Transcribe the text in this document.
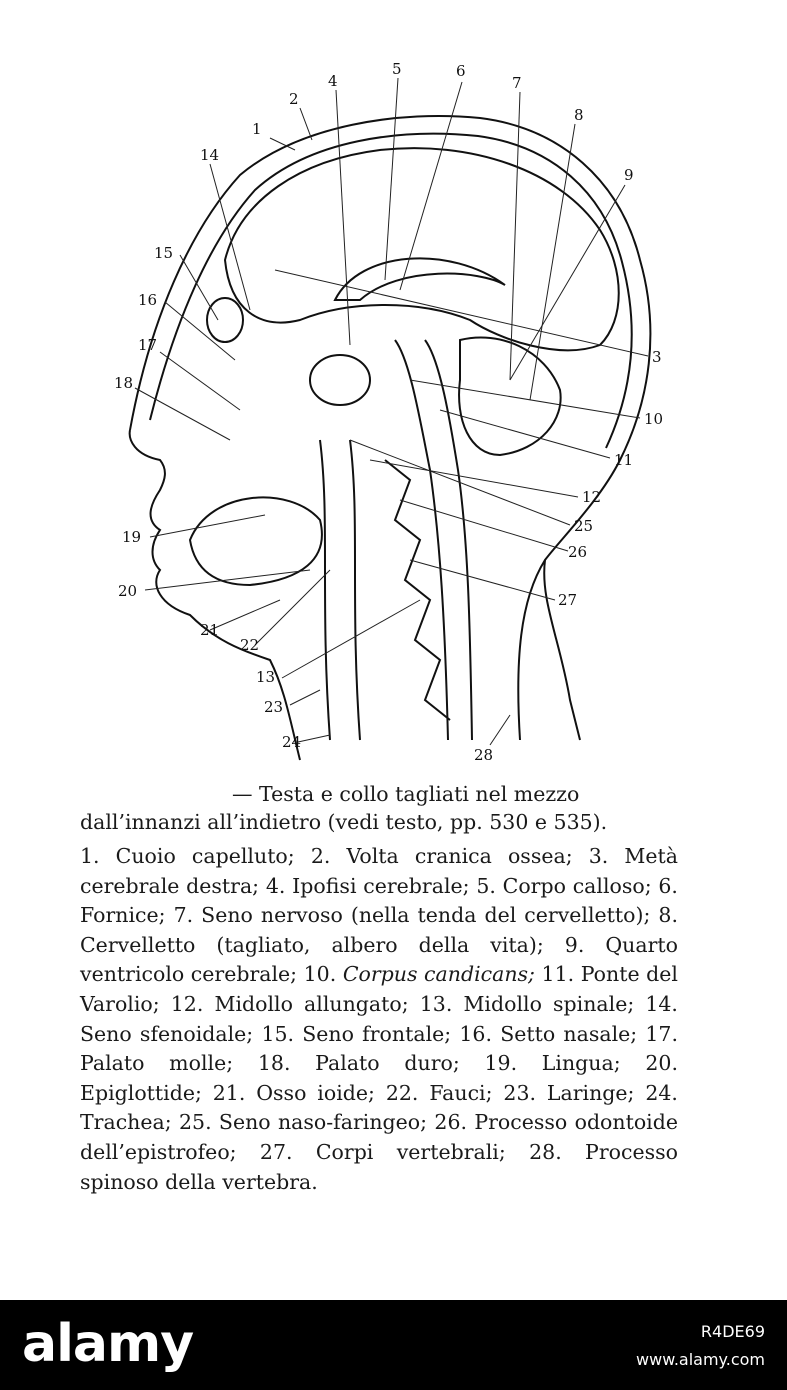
1
2
4
5	6
7
8
9
14
15
16
17
18
3
10
11
12
25
26
27
19
20
21
22
13
23
24
28
— Testa e collo tagliati nel mezzo
dall’innanzi all’indietro (vedi testo, pp. 530 e 535).
1. Cuoio capelluto; 2. Volta cranica ossea; 3. Metà cerebrale destra; 4. Ipofisi cerebrale; 5. Corpo calloso; 6. Fornice; 7. Seno nervoso (nella tenda del cervelletto); 8. Cervelletto (tagliato, albero della vita); 9. Quarto ventricolo cerebrale; 10. Corpus candicans; 11. Ponte del Varolio; 12. Midollo allungato; 13. Midollo spinale; 14. Seno sfenoidale; 15. Seno frontale; 16. Setto nasale; 17. Palato molle; 18. Palato duro; 19. Lingua; 20. Epiglottide; 21. Osso ioide; 22. Fauci; 23. Laringe; 24. Trachea; 25. Seno naso-faringeo; 26. Processo odontoide dell’epistrofeo; 27. Corpi vertebrali; 28. Processo spinoso della vertebra.
alamy	R4DE69
www.alamy.com
